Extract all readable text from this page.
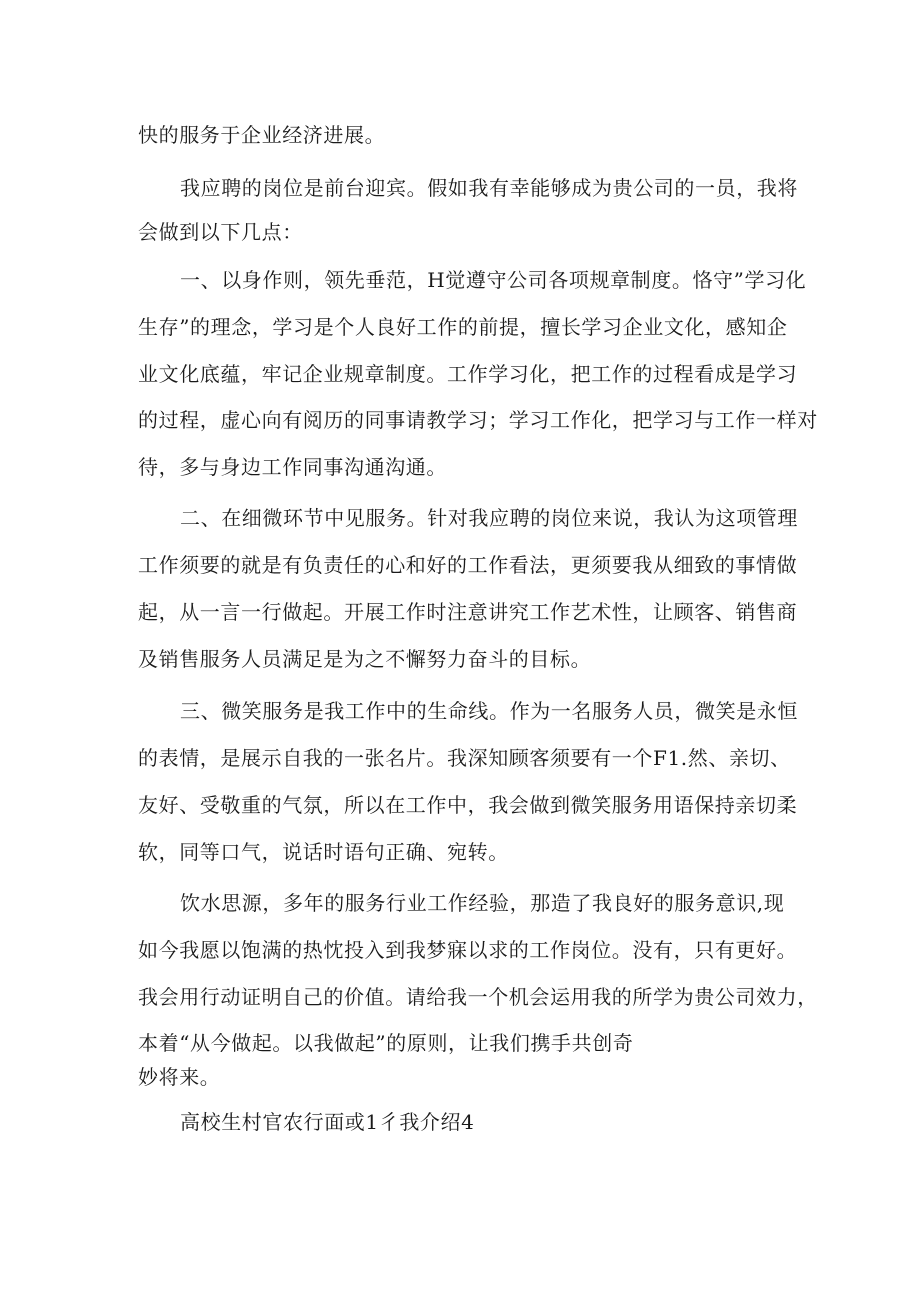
快的服务于企业经济进展。
我应聘的岗位是前台迎宾。假如我有幸能够成为贵公司的一员，我将
会做到以下几点：
一、以身作则，领先垂范，H觉遵守公司各项规章制度。恪守”学习化
生存”的理念，学习是个人良好工作的前提，擅长学习企业文化，感知企
业文化底蕴，牢记企业规章制度。工作学习化，把工作的过程看成是学习
的过程，虚心向有阅历的同事请教学习；学习工作化，把学习与工作一样对
待，多与身边工作同事沟通沟通。
二、在细微环节中见服务。针对我应聘的岗位来说，我认为这项管理
工作须要的就是有负责任的心和好的工作看法，更须要我从细致的事情做
起，从一言一行做起。开展工作时注意讲究工作艺术性，让顾客、销售商
及销售服务人员满足是为之不懈努力奋斗的目标。
三、微笑服务是我工作中的生命线。作为一名服务人员，微笑是永恒
的表情，是展示自我的一张名片。我深知顾客须要有一个F1.然、亲切、
友好、受敬重的气氛，所以在工作中，我会做到微笑服务用语保持亲切柔
软，同等口气，说话时语句正确、宛转。
饮水思源，多年的服务行业工作经验，那造了我良好的服务意识,现
如今我愿以饱满的热忱投入到我梦寐以求的工作岗位。没有，只有更好。
我会用行动证明自己的价值。请给我一个机会运用我的所学为贵公司效力，
本着“从今做起。以我做起”的原则，让我们携手共创奇
妙将来。
高校生村官农行面或1彳我介绍4
